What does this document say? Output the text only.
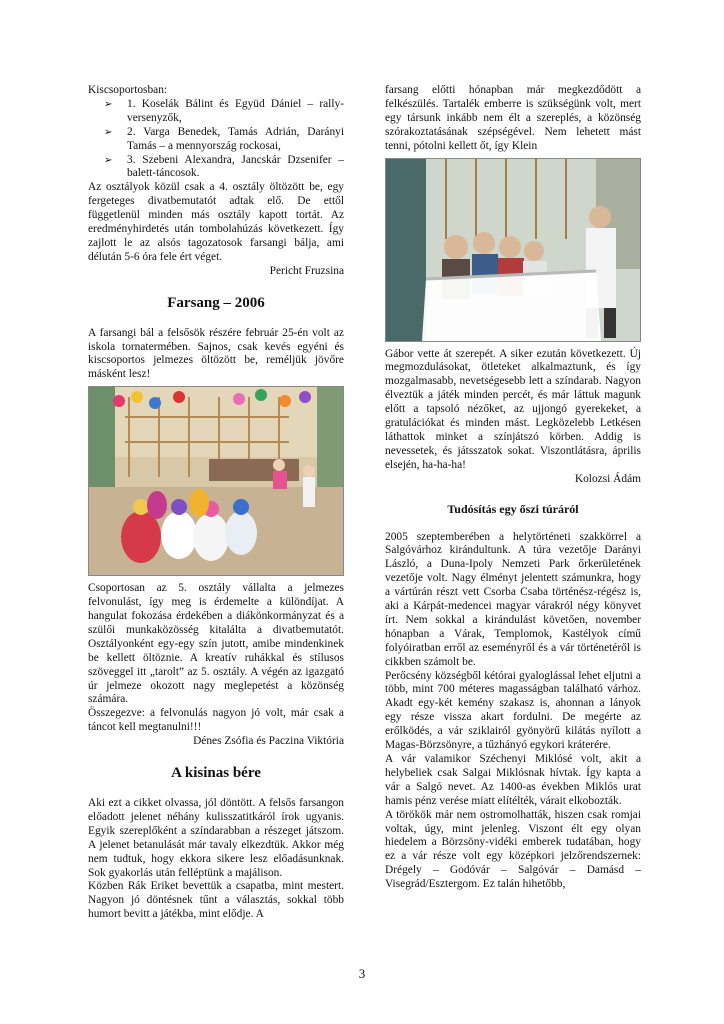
Kiscsoportosban:

➢	1. Koselák Bálint és Együd Dániel – rally-versenyzők,
➢	2. Varga Benedek, Tamás Adrián, Darányi Tamás – a mennyország rockosai,
➢	3. Szebeni Alexandra, Jancskár Dzsenifer – balett-táncosok.

Az osztályok közül csak a 4. osztály öltözött be, egy fergeteges divatbemutatót adtak elő. De ettől függetlenül minden más osztály kapott tortát. Az eredményhirdetés után tombolahúzás következett. Így zajlott le az alsós tagozatosok farsangi bálja, ami délután 5-6 óra fele ért véget.

Pericht Fruzsina

Farsang – 2006

A farsangi bál a felsősök részére február 25-én volt az iskola tornatermében. Sajnos, csak kevés egyéni és kiscsoportos jelmezes öltözött be, reméljük jövőre másként lesz!

Csoportosan az 5. osztály vállalta a jelmezes felvonulást, így meg is érdemelte a különdíjat. A hangulat fokozása érdekében a diákönkormányzat és a szülői munkaközösség kitalálta a divatbemutatót. Osztályonként egy-egy szín jutott, amibe mindenkinek be kellett öltöznie. A kreatív ruhákkal és stílusos szöveggel itt „tarolt” az 5. osztály. A végén az igazgató úr jelmeze okozott nagy meglepetést a közönség számára.

Összegezve: a felvonulás nagyon jó volt, már csak a táncot kell megtanulni!!!

Dénes Zsófia és Paczina Viktória

A kisinas bére

Aki ezt a cikket olvassa, jól döntött. A felsős farsangon előadott jelenet néhány kulisszatitkáról írok ugyanis. Egyik szereplőként a színdarabban a részeget játszom. A jelenet betanulását már tavaly elkezdtük. Akkor még nem tudtuk, hogy ekkora sikere lesz előadásunknak. Sok gyakorlás után felléptünk a majálison.

Közben Rák Eriket bevettük a csapatba, mint mestert. Nagyon jó döntésnek tűnt a választás, sokkal több humort bevitt a játékba, mint elődje. A

farsang előtti hónapban már megkezdődött a felkészülés. Tartalék emberre is szükségünk volt, mert egy társunk inkább nem élt a szereplés, a közönség szórakoztatásának szépségével. Nem lehetett mást tenni, pótolni kellett őt, így Klein

Gábor vette át szerepét. A siker ezután következett. Új megmozdulásokat, ötleteket alkalmaztunk, és így mozgalmasabb, nevetségesebb lett a színdarab. Nagyon élveztük a játék minden percét, és már láttuk magunk előtt a tapsoló nézőket, az ujjongó gyerekeket, a gratulációkat és minden mást. Legközelebb Letkésen láthattok minket a színjátszó körben. Addig is nevessetek, és játsszatok sokat. Viszontlátásra, április elsején, ha-ha-ha!

Kolozsi Ádám

Tudósítás egy őszi túráról

2005 szeptemberében a helytörténeti szakkörrel a Salgóvárhoz kirándultunk. A túra vezetője Darányi László, a Duna-Ipoly Nemzeti Park őrkerületének vezetője volt. Nagy élményt jelentett számunkra, hogy a vártúrán részt vett Csorba Csaba történész-régész is, aki a Kárpát-medencei magyar várakról négy könyvet írt. Nem sokkal a kirándulást követően, november hónapban a Várak, Templomok, Kastélyok című folyóiratban erről az eseményről és a vár történetéről is cikkben számolt be.

Perőcsény községből kétórai gyaloglással lehet eljutni a több, mint 700 méteres magasságban található várhoz. Akadt egy-két kemény szakasz is, ahonnan a lányok egy része vissza akart fordulni. De megérte az erőlködés, a vár sziklairól gyönyörű kilátás nyílott a Magas-Börzsönyre, a tűzhányó egykori kráterére.

A vár valamikor Széchenyi Miklósé volt, akit a helybeliek csak Salgai Miklósnak hívtak. Így kapta a vár a Salgó nevet. Az 1400-as években Miklós urat hamis pénz verése miatt elítélték, várait elkobozták.

A törökök már nem ostromolhatták, hiszen csak romjai voltak, úgy, mint jelenleg. Viszont élt egy olyan hiedelem a Börzsöny-vidéki emberek tudatában, hogy ez a vár része volt egy középkori jelzőrendszernek: Drégely – Godóvár – Salgóvár – Damásd – Visegrád/Esztergom. Ez talán hihetőbb,

3
